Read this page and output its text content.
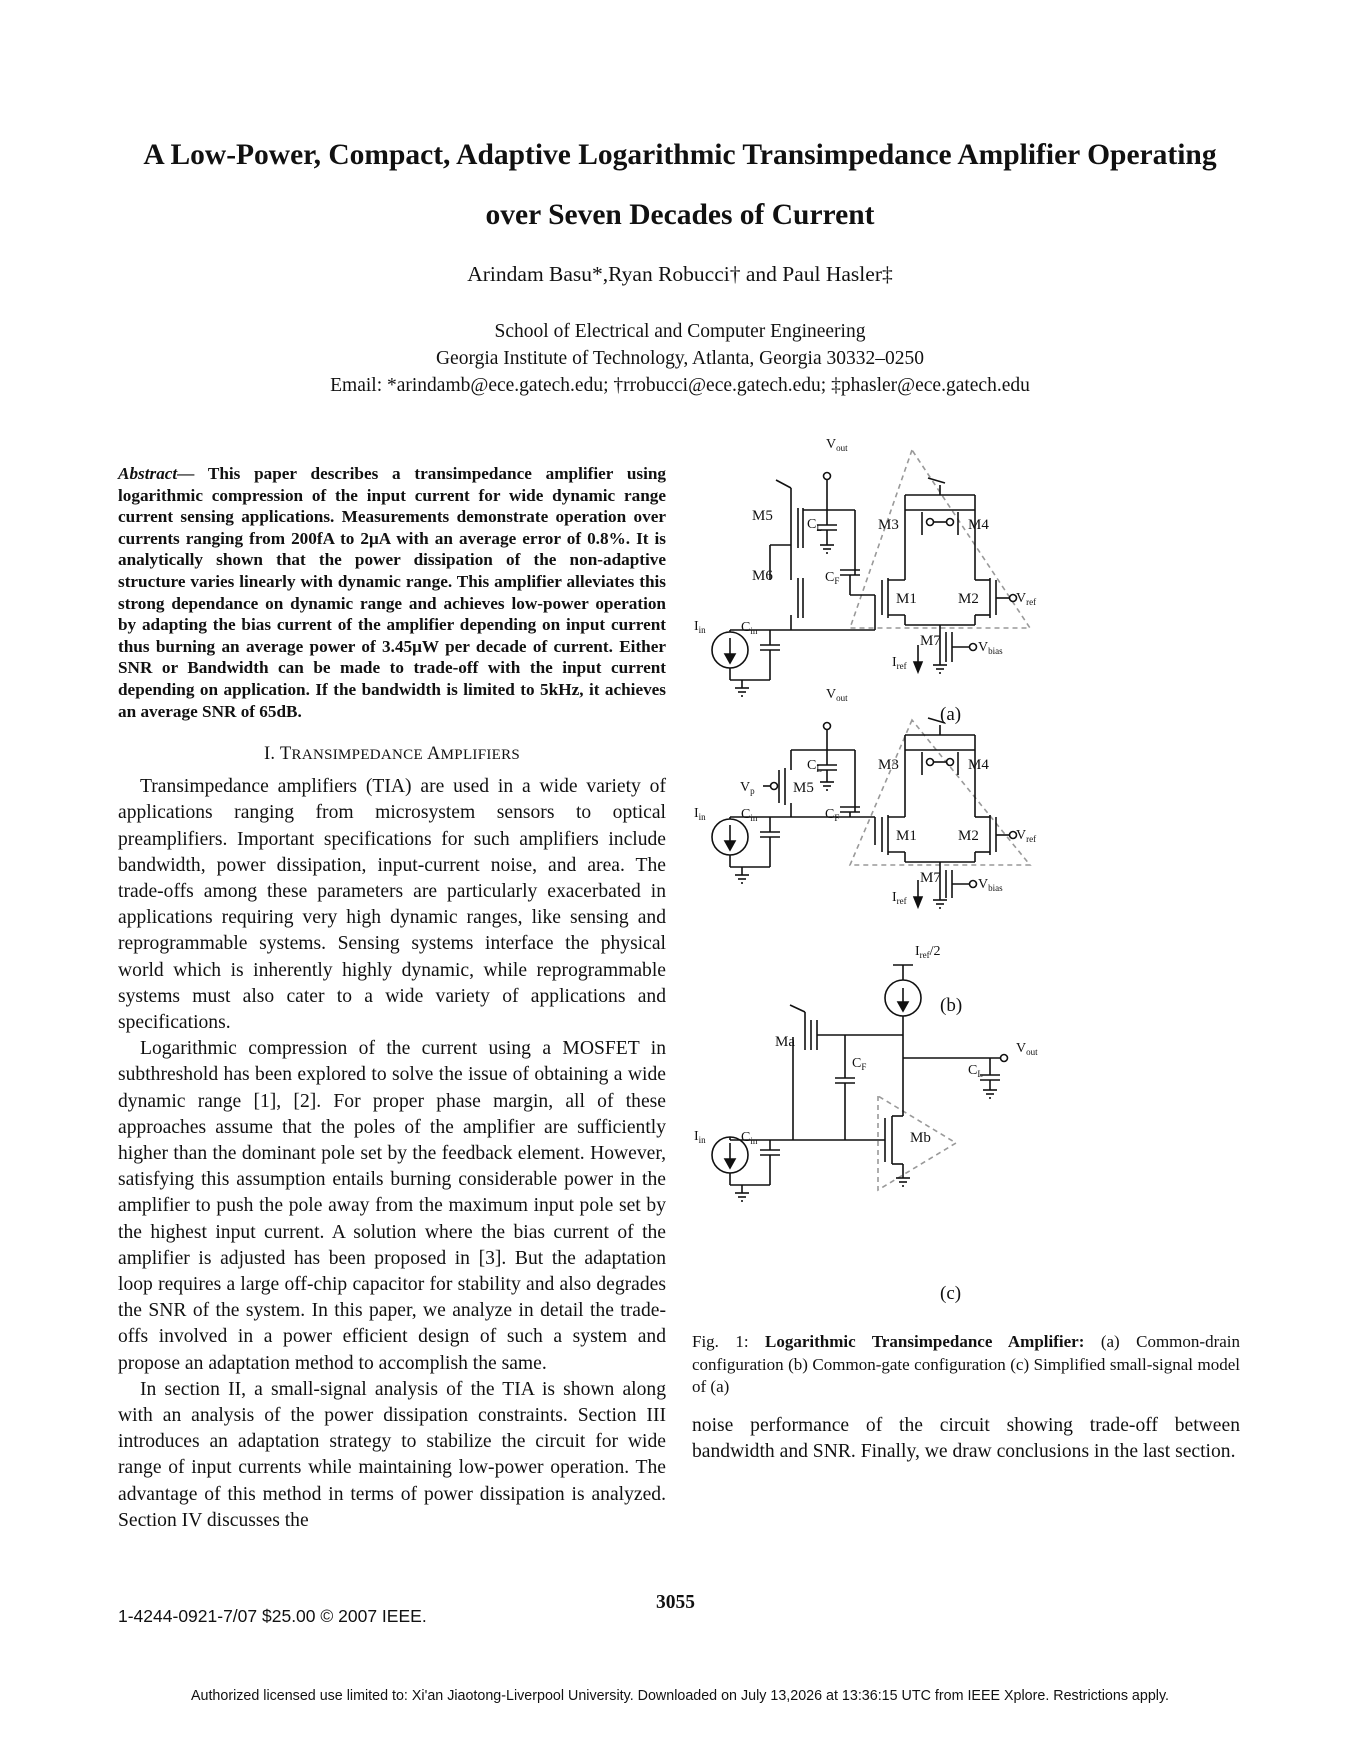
A Low-Power, Compact, Adaptive Logarithmic Transimpedance Amplifier Operating
over Seven Decades of Current
Arindam Basu*,Ryan Robucci† and Paul Hasler‡
School of Electrical and Computer Engineering
Georgia Institute of Technology, Atlanta, Georgia 30332–0250
Email: *arindamb@ece.gatech.edu; †rrobucci@ece.gatech.edu; ‡phasler@ece.gatech.edu
Abstract— This paper describes a transimpedance amplifier using logarithmic compression of the input current for wide dynamic range current sensing applications. Measurements demonstrate operation over currents ranging from 200fA to 2μA with an average error of 0.8%. It is analytically shown that the power dissipation of the non-adaptive structure varies linearly with dynamic range. This amplifier alleviates this strong dependance on dynamic range and achieves low-power operation by adapting the bias current of the amplifier depending on input current thus burning an average power of 3.45μW per decade of current. Either SNR or Bandwidth can be made to trade-off with the input current depending on application. If the bandwidth is limited to 5kHz, it achieves an average SNR of 65dB.
I. TRANSIMPEDANCE AMPLIFIERS

Transimpedance amplifiers (TIA) are used in a wide variety of applications ranging from microsystem sensors to optical preamplifiers. Important specifications for such amplifiers include bandwidth, power dissipation, input-current noise, and area. The trade-offs among these parameters are particularly exacerbated in applications requiring very high dynamic ranges, like sensing and reprogrammable systems. Sensing systems interface the physical world which is inherently highly dynamic, while reprogrammable systems must also cater to a wide variety of applications and specifications.

Logarithmic compression of the current using a MOSFET in subthreshold has been explored to solve the issue of obtaining a wide dynamic range [1], [2]. For proper phase margin, all of these approaches assume that the poles of the amplifier are sufficiently higher than the dominant pole set by the feedback element. However, satisfying this assumption entails burning considerable power in the amplifier to push the pole away from the maximum input pole set by the highest input current. A solution where the bias current of the amplifier is adjusted has been proposed in [3]. But the adaptation loop requires a large off-chip capacitor for stability and also degrades the SNR of the system. In this paper, we analyze in detail the trade-offs involved in a power efficient design of such a system and propose an adaptation method to accomplish the same.

In section II, a small-signal analysis of the TIA is shown along with an analysis of the power dissipation constraints. Section III introduces an adaptation strategy to stabilize the circuit for wide range of input currents while maintaining low-power operation. The advantage of this method in terms of power dissipation is analyzed. Section IV discusses the

$V_{out}$
M5
M6
$C_L$
$C_F$
M3	M4
M1	M2
M7
$V_{ref}$
$V_{bias}$
$I_{ref}$
$I_{in}$	$C_{in}$
$V_{out}$
$C_L$
$V_p$	M5
$C_F$
M3	M4
M1	M2
M7
$V_{ref}$
$V_{bias}$
$I_{ref}$
$I_{in}$	$C_{in}$
$I_{ref}/2$
Ma
$C_F$
$V_{out}$
$C_L$
Mb
$I_{in}$	$C_{in}$
(a)
(b)
(c)
Fig. 1: Logarithmic Transimpedance Amplifier: (a) Common-drain configuration (b) Common-gate configuration (c) Simplified small-signal model of (a)

noise performance of the circuit showing trade-off between bandwidth and SNR. Finally, we draw conclusions in the last section.

1-4244-0921-7/07 $25.00 © 2007 IEEE.
3055
Authorized licensed use limited to: Xi'an Jiaotong-Liverpool University. Downloaded on July 13,2026 at 13:36:15 UTC from IEEE Xplore. Restrictions apply.
